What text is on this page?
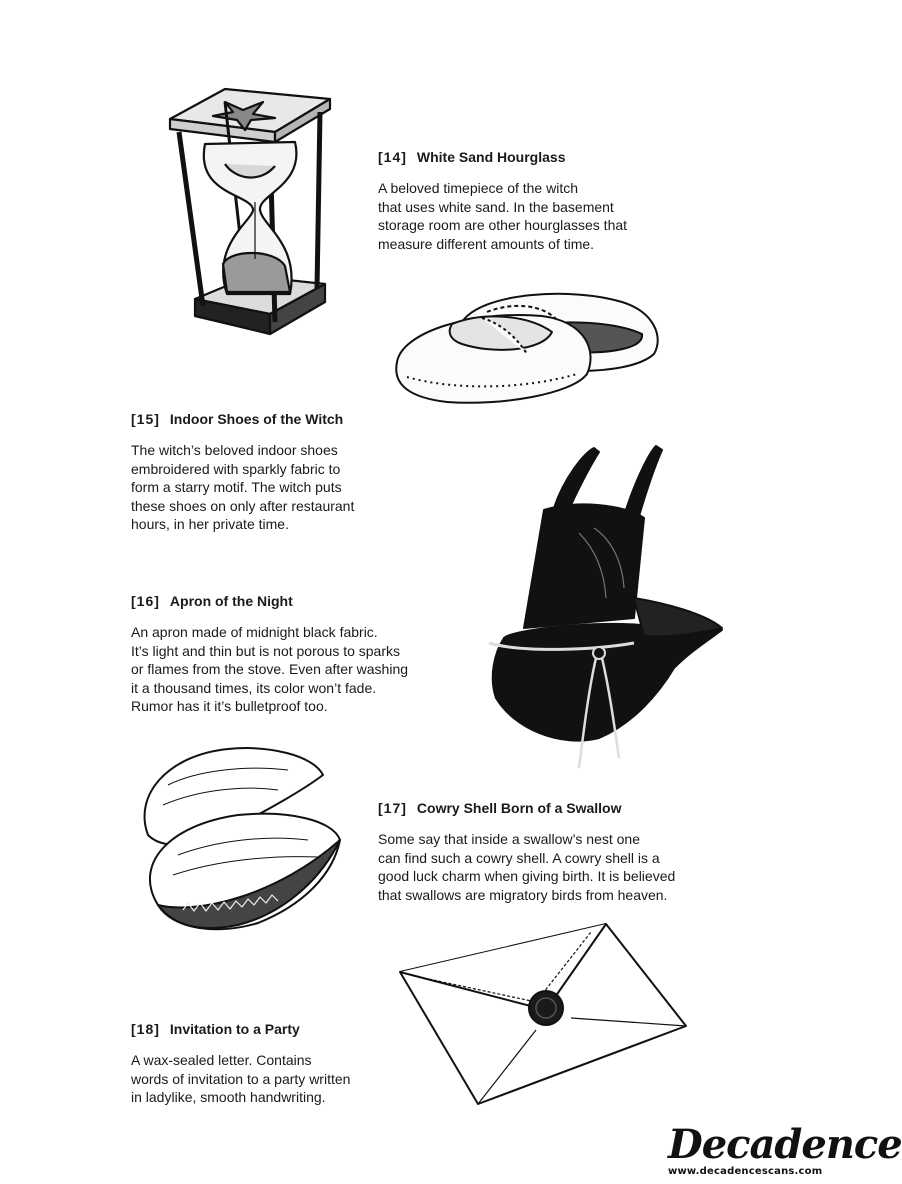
[14] White Sand Hourglass
A beloved timepiece of the witch
that uses white sand. In the basement
storage room are other hourglasses that
measure different amounts of time.
[15] Indoor Shoes of the Witch
The witch’s beloved indoor shoes
embroidered with sparkly fabric to
form a starry motif. The witch puts
these shoes on only after restaurant
hours, in her private time.
[16] Apron of the Night
An apron made of midnight black fabric.
It’s light and thin but is not porous to sparks
or flames from the stove. Even after washing
it a thousand times, its color won’t fade.
Rumor has it it’s bulletproof too.
[17] Cowry Shell Born of a Swallow
Some say that inside a swallow’s nest one
can find such a cowry shell. A cowry shell is a
good luck charm when giving birth. It is believed
that swallows are migratory birds from heaven.
[18] Invitation to a Party
A wax-sealed letter. Contains
words of invitation to a party written
in ladylike, smooth handwriting.
Decadence
www.decadencescans.com
